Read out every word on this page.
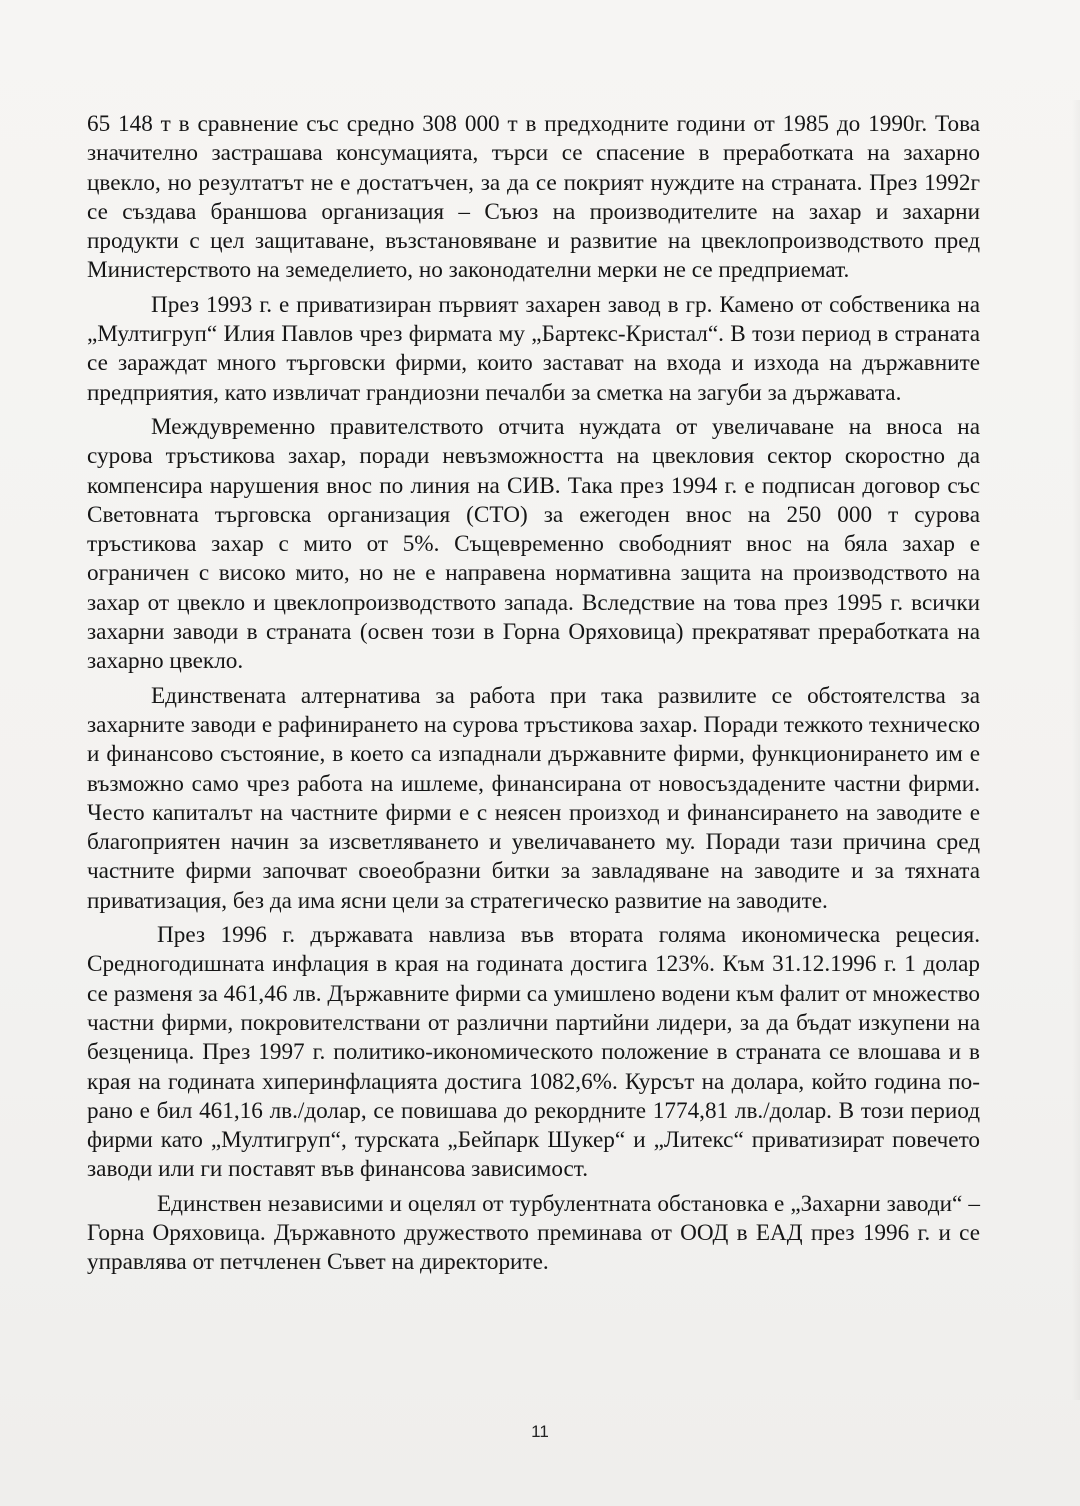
65 148 т в сравнение със средно 308 000 т в предходните години от 1985 до 1990г. Това значително застрашава консумацията, търси се спасение в преработката на захарно цвекло, но резултатът не е достатъчен, за да се покрият нуждите на страната. През 1992г се създава браншова организация – Съюз на производителите на захар и захарни продукти с цел защитаване, възстановяване и развитие на цвеклопроизводството пред Министерството на земеделието, но законодателни мерки не се предприемат.

През 1993 г. е приватизиран първият захарен завод в гр. Камено от собственика на „Мултигруп“ Илия Павлов чрез фирмата му „Бартекс-Кристал“. В този период в страната се зараждат много търговски фирми, които застават на входа и изхода на държавните предприятия, като извличат грандиозни печалби за сметка на загуби за държавата.

Междувременно правителството отчита нуждата от увеличаване на вноса на сурова тръстикова захар, поради невъзможността на цвекловия сектор скоростно да компенсира нарушения внос по линия на СИВ. Така през 1994 г. е подписан договор със Световната търговска организация (СТО) за ежегоден внос на 250 000 т сурова тръстикова захар с мито от 5%. Същевременно свободният внос на бяла захар е ограничен с високо мито, но не е направена нормативна защита на производството на захар от цвекло и цвеклопроизводството запада. Вследствие на това през 1995 г. всички захарни заводи в страната (освен този в Горна Оряховица) прекратяват преработката на захарно цвекло.

Единствената алтернатива за работа при така развилите се обстоятелства за захарните заводи е рафинирането на сурова тръстикова захар. Поради тежкото техническо и финансово състояние, в което са изпаднали държавните фирми, функционирането им е възможно само чрез работа на ишлеме, финансирана от новосъздадените частни фирми. Често капиталът на частните фирми е с неясен произход и финансирането на заводите е благоприятен начин за изсветляването и увеличаването му. Поради тази причина сред частните фирми започват своеобразни битки за завладяване на заводите и за тяхната приватизация, без да има ясни цели за стратегическо развитие на заводите.

През 1996 г. държавата навлиза във втората голяма икономическа рецесия. Средногодишната инфлация в края на годината достига 123%. Към 31.12.1996 г. 1 долар се разменя за 461,46 лв. Държавните фирми са умишлено водени към фалит от множество частни фирми, покровителствани от различни партийни лидери, за да бъдат изкупени на безценица. През 1997 г. политико-икономическото положение в страната се влошава и в края на годината хиперинфлацията достига 1082,6%. Курсът на долара, който година по-рано е бил 461,16 лв./долар, се повишава до рекордните 1774,81 лв./долар. В този период фирми като „Мултигруп“, турската „Бейпарк Шукер“ и „Литекс“ приватизират повечето заводи или ги поставят във финансова зависимост.

Единствен независими и оцелял от турбулентната обстановка е „Захарни заводи“ – Горна Оряховица. Държавното дружеството преминава от ООД в ЕАД през 1996 г. и се управлява от петчленен Съвет на директорите.

11
